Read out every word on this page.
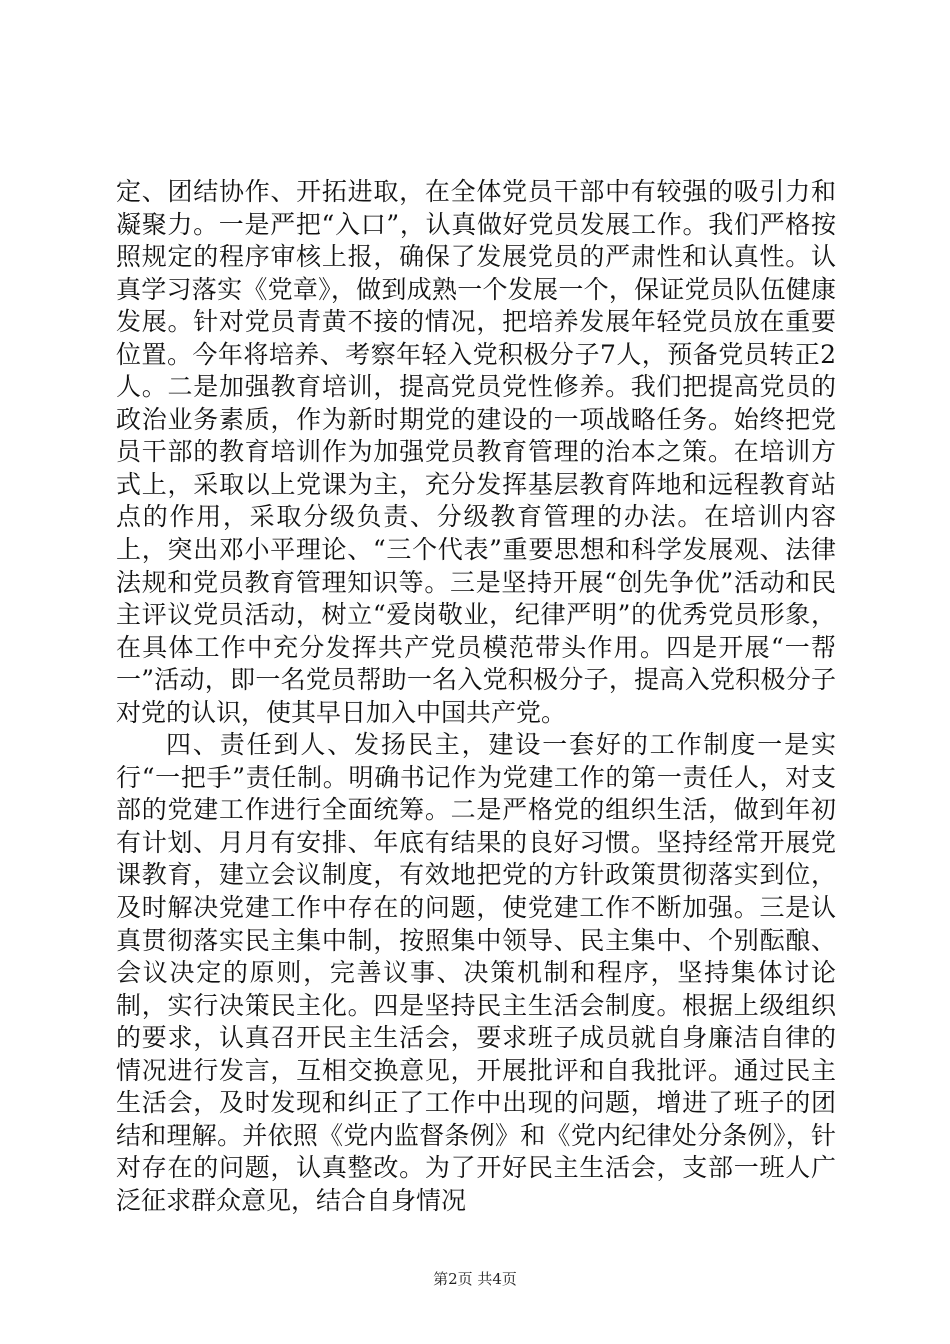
定、团结协作、开拓进取，在全体党员干部中有较强的吸引力和凝聚力。一是严把“入口”，认真做好党员发展工作。我们严格按照规定的程序审核上报，确保了发展党员的严肃性和认真性。认真学习落实《党章》，做到成熟一个发展一个，保证党员队伍健康发展。针对党员青黄不接的情况，把培养发展年轻党员放在重要位置。今年将培养、考察年轻入党积极分子7人，预备党员转正2人。二是加强教育培训，提高党员党性修养。我们把提高党员的政治业务素质，作为新时期党的建设的一项战略任务。始终把党员干部的教育培训作为加强党员教育管理的治本之策。在培训方式上，采取以上党课为主，充分发挥基层教育阵地和远程教育站点的作用，采取分级负责、分级教育管理的办法。在培训内容上，突出邓小平理论、“三个代表”重要思想和科学发展观、法律法规和党员教育管理知识等。三是坚持开展“创先争优”活动和民主评议党员活动，树立“爱岗敬业，纪律严明”的优秀党员形象，在具体工作中充分发挥共产党员模范带头作用。四是开展“一帮一”活动，即一名党员帮助一名入党积极分子，提高入党积极分子对党的认识，使其早日加入中国共产党。

四、责任到人、发扬民主，建设一套好的工作制度一是实行“一把手”责任制。明确书记作为党建工作的第一责任人，对支部的党建工作进行全面统筹。二是严格党的组织生活，做到年初有计划、月月有安排、年底有结果的良好习惯。坚持经常开展党课教育，建立会议制度，有效地把党的方针政策贯彻落实到位，及时解决党建工作中存在的问题，使党建工作不断加强。三是认真贯彻落实民主集中制，按照集中领导、民主集中、个别酝酿、会议决定的原则，完善议事、决策机制和程序，坚持集体讨论制，实行决策民主化。四是坚持民主生活会制度。根据上级组织的要求，认真召开民主生活会，要求班子成员就自身廉洁自律的情况进行发言，互相交换意见，开展批评和自我批评。通过民主生活会，及时发现和纠正了工作中出现的问题，增进了班子的团结和理解。并依照《党内监督条例》和《党内纪律处分条例》，针对存在的问题，认真整改。为了开好民主生活会，支部一班人广泛征求群众意见，结合自身情况

第2页 共4页
